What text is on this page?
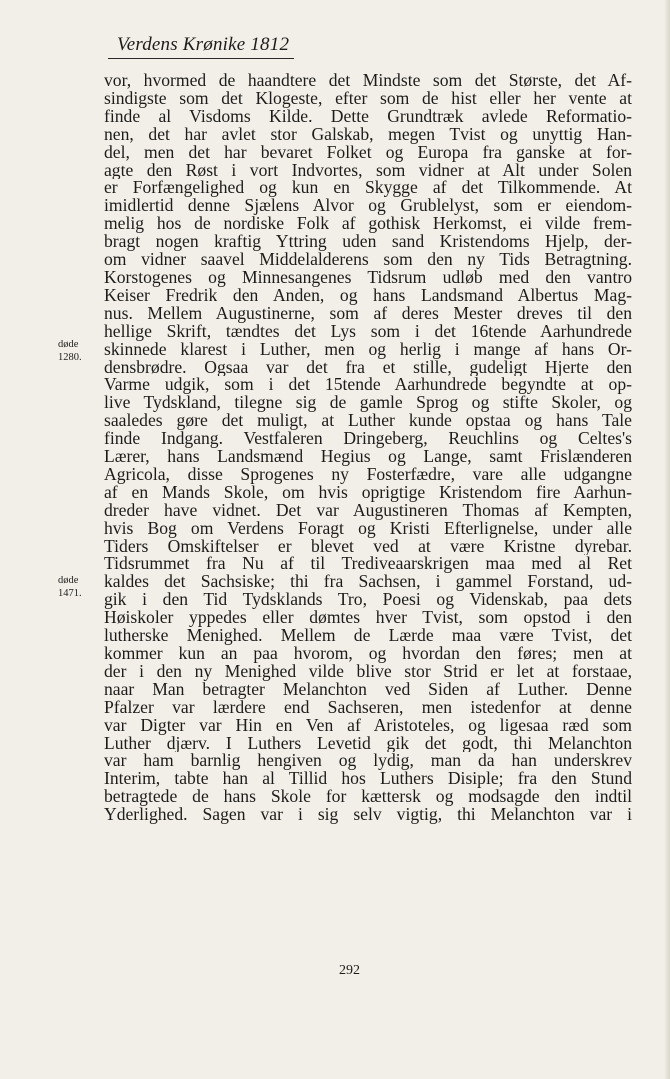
Verdens Krønike 1812
døde
1280.
døde
1471.
vor, hvormed de haandtere det Mindste som det Største, det Af-
sindigste som det Klogeste, efter som de hist eller her vente at
finde al Visdoms Kilde. Dette Grundtræk avlede Reformatio-
nen, det har avlet stor Galskab, megen Tvist og unyttig Han-
del, men det har bevaret Folket og Europa fra ganske at for-
agte den Røst i vort Indvortes, som vidner at Alt under Solen
er Forfængelighed og kun en Skygge af det Tilkommende. At
imidlertid denne Sjælens Alvor og Grublelyst, som er eiendom-
melig hos de nordiske Folk af gothisk Herkomst, ei vilde frem-
bragt nogen kraftig Yttring uden sand Kristendoms Hjelp, der-
om vidner saavel Middelalderens som den ny Tids Betragtning.
Korstogenes og Minnesangenes Tidsrum udløb med den vantro
Keiser Fredrik den Anden, og hans Landsmand Albertus Mag-
nus. Mellem Augustinerne, som af deres Mester dreves til den
hellige Skrift, tændtes det Lys som i det 16tende Aarhundrede
skinnede klarest i Luther, men og herlig i mange af hans Or-
densbrødre. Ogsaa var det fra et stille, gudeligt Hjerte den
Varme udgik, som i det 15tende Aarhundrede begyndte at op-
live Tydskland, tilegne sig de gamle Sprog og stifte Skoler, og
saaledes gøre det muligt, at Luther kunde opstaa og hans Tale
finde Indgang. Vestfaleren Dringeberg, Reuchlins og Celtes's
Lærer, hans Landsmænd Hegius og Lange, samt Frislænderen
Agricola, disse Sprogenes ny Fosterfædre, vare alle udgangne
af en Mands Skole, om hvis oprigtige Kristendom fire Aarhun-
dreder have vidnet. Det var Augustineren Thomas af Kempten,
hvis Bog om Verdens Foragt og Kristi Efterlignelse, under alle
Tiders Omskiftelser er blevet ved at være Kristne dyrebar.
Tidsrummet fra Nu af til Trediveaarskrigen maa med al Ret
kaldes det Sachsiske; thi fra Sachsen, i gammel Forstand, ud-
gik i den Tid Tydsklands Tro, Poesi og Videnskab, paa dets
Høiskoler yppedes eller dømtes hver Tvist, som opstod i den
lutherske Menighed. Mellem de Lærde maa være Tvist, det
kommer kun an paa hvorom, og hvordan den føres; men at
der i den ny Menighed vilde blive stor Strid er let at forstaae,
naar Man betragter Melanchton ved Siden af Luther. Denne
Pfalzer var lærdere end Sachseren, men istedenfor at denne
var Digter var Hin en Ven af Aristoteles, og ligesaa ræd som
Luther djærv. I Luthers Levetid gik det godt, thi Melanchton
var ham barnlig hengiven og lydig, man da han underskrev
Interim, tabte han al Tillid hos Luthers Disiple; fra den Stund
betragtede de hans Skole for kættersk og modsagde den indtil
Yderlighed. Sagen var i sig selv vigtig, thi Melanchton var i
292
